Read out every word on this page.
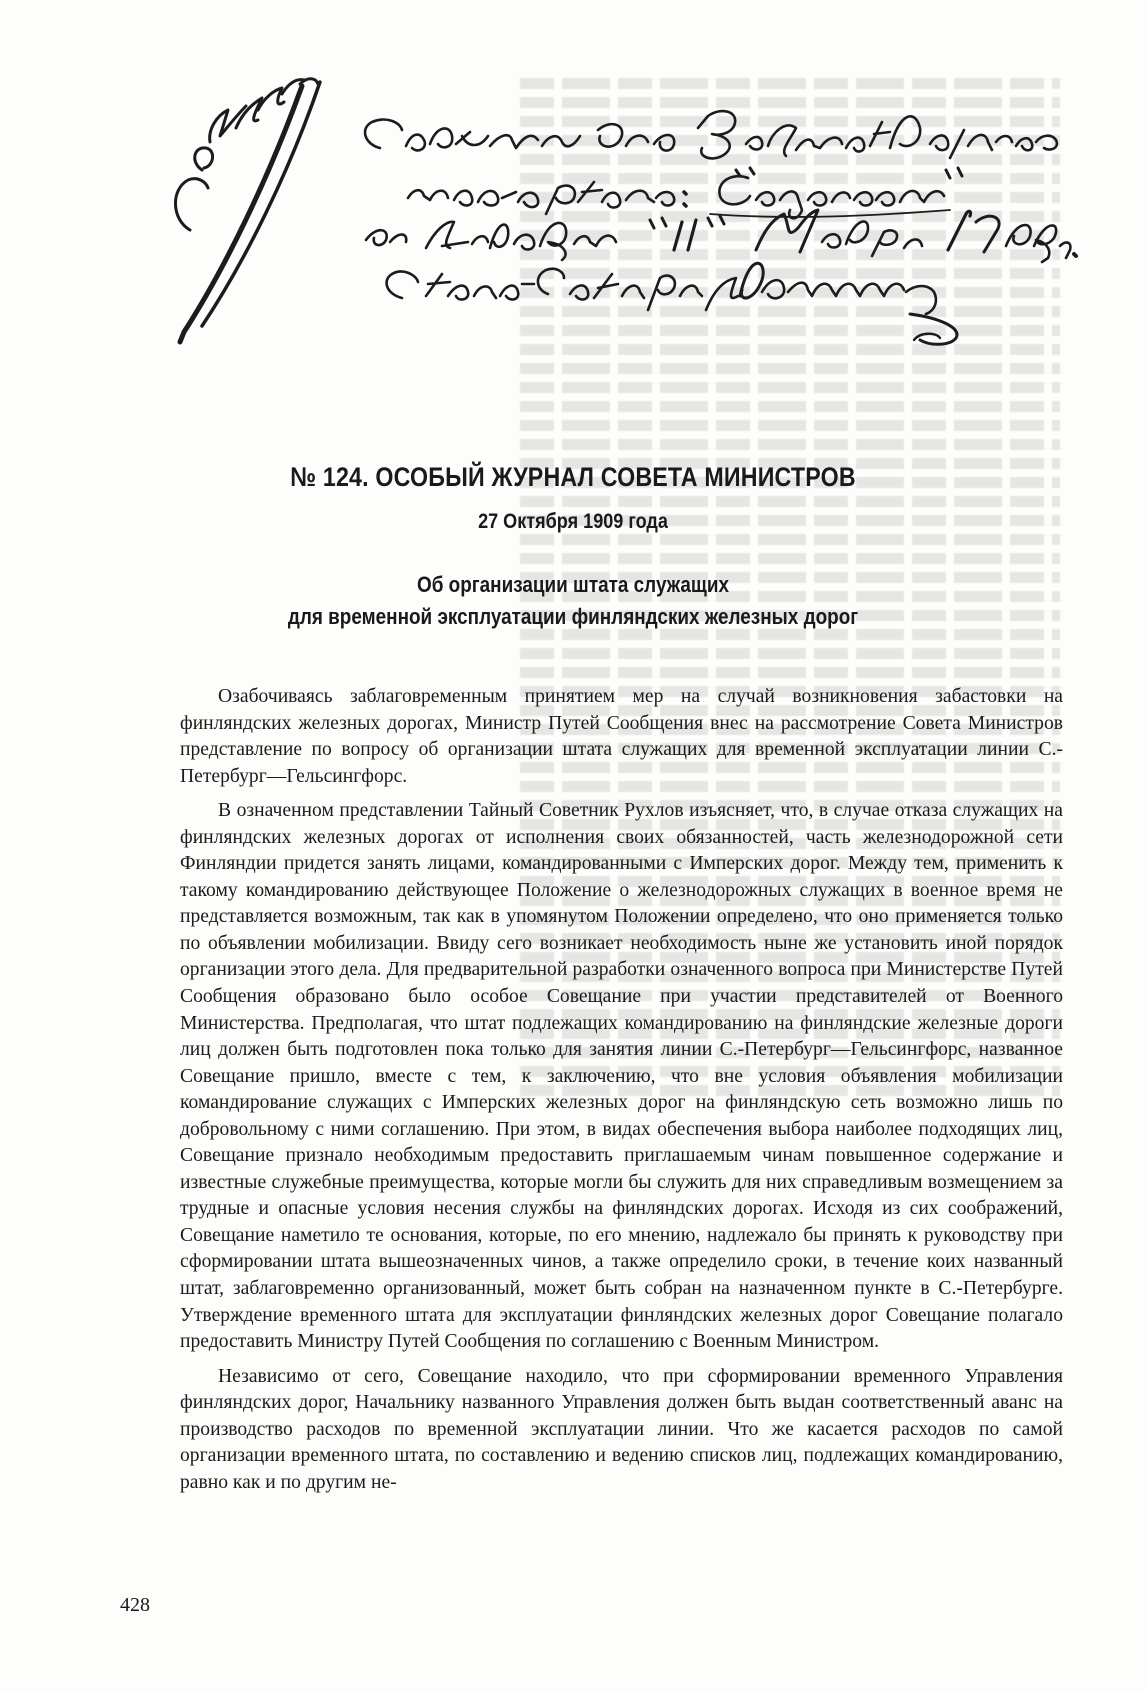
№ 124. ОСОБЫЙ ЖУРНАЛ СОВЕТА МИНИСТРОВ
27 Октября 1909 года
Об организации штата служащих
для временной эксплуатации финляндских железных дорог

Озабочиваясь заблаговременным принятием мер на случай возникновения забастовки на финляндских железных дорогах, Министр Путей Сообщения внес на рассмотрение Совета Министров представление по вопросу об организации штата служащих для временной эксплуатации линии С.-Петербург—Гельсингфорс.

В означенном представлении Тайный Советник Рухлов изъясняет, что, в случае отказа служащих на финляндских железных дорогах от исполнения своих обязанностей, часть железнодорожной сети Финляндии придется занять лицами, командированными с Имперских дорог. Между тем, применить к такому командированию действующее Положение о железнодорожных служащих в военное время не представляется возможным, так как в упомянутом Положении определено, что оно применяется только по объявлении мобилизации. Ввиду сего возникает необходимость ныне же установить иной порядок организации этого дела. Для предварительной разработки означенного вопроса при Министерстве Путей Сообщения образовано было особое Совещание при участии представителей от Военного Министерства. Предполагая, что штат подлежащих командированию на финляндские железные дороги лиц должен быть подготовлен пока только для занятия линии С.-Петербург—Гельсингфорс, названное Совещание пришло, вместе с тем, к заключению, что вне условия объявления мобилизации командирование служащих с Имперских железных дорог на финляндскую сеть возможно лишь по добровольному с ними соглашению. При этом, в видах обеспечения выбора наиболее подходящих лиц, Совещание признало необходимым предоставить приглашаемым чинам повышенное содержание и известные служебные преимущества, которые могли бы служить для них справедливым возмещением за трудные и опасные условия несения службы на финляндских дорогах. Исходя из сих соображений, Совещание наметило те основания, которые, по его мнению, надлежало бы принять к руководству при сформировании штата вышеозначенных чинов, а также определило сроки, в течение коих названный штат, заблаговременно организованный, может быть собран на назначенном пункте в С.-Петербурге. Утверждение временного штата для эксплуатации финляндских железных дорог Совещание полагало предоставить Министру Путей Сообщения по соглашению с Военным Министром.

Независимо от сего, Совещание находило, что при сформировании временного Управления финляндских дорог, Начальнику названного Управления должен быть выдан соответственный аванс на производство расходов по временной эксплуатации линии. Что же касается расходов по самой организации временного штата, по составлению и ведению списков лиц, подлежащих командированию, равно как и по другим не-

428
